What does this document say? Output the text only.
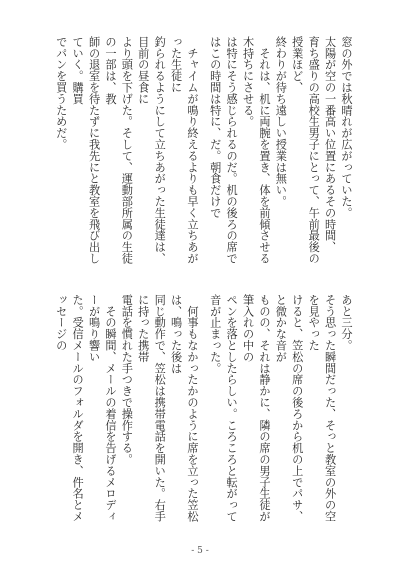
窓の外では秋晴れが広がっていた。
太陽が空の一番高い位置にあるその時間、
育ち盛りの高校生男子にとって、午前最後の授業ほど、
終わりが待ち遠しい授業は無い。
　それは、机に両腕を置き、体を前傾させる木持ちにさせる。
は特にそう感じられるのだ。机の後ろの席ではこの時間は特に、だ。朝食だけで

　チャイムが鳴り終えるよりも早く立ちあがった生徒に
釣られるようにして立ちあがった生徒達は、目前の昼食に
より頭を下げた。そして、運動部所属の生徒の一部は、教
師の退室を待たずに我先にと教室を飛び出していく。購買
でパンを買うためだ。

あと三分。
そう思った瞬間だった、そっと教室の外の空を見やった
けると、笠松の席の後ろから机の上でパサ、と微かな音が
ものの、それは静かに、隣の席の男子生徒が筆入れの中の
ペンを落としたらしい。ころころと転がって音が止まった。

　何事もなかったかのように席を立った笠松は、鳴った後は
同じ動作で、笠松は携帯電話を開いた。右手に持った携帯
電話を慣れた手つきで操作する。
　その瞬間、メールの着信を告げるメロディーが鳴り響い
た。受信メールのフォルダを開き、件名とメッセージの

- 5 -
